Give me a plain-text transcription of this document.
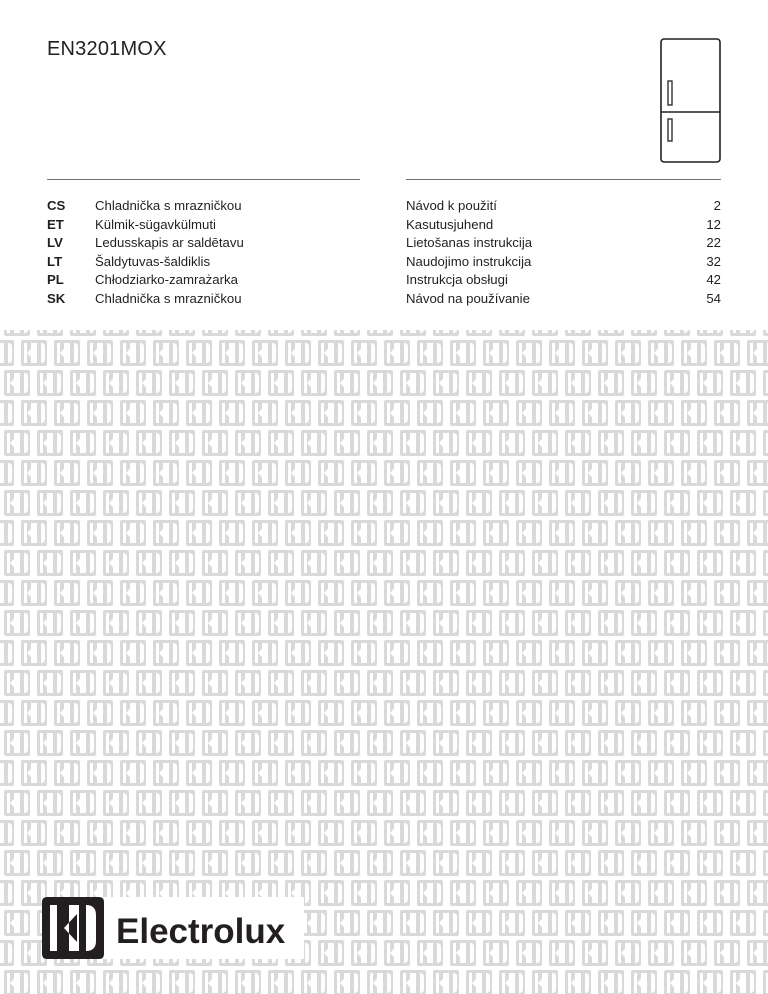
EN3201MOX
CS Chladnička s mrazničkou	Návod k použití	2
ET Külmik-sügavkülmuti	Kasutusjuhend	12
LV Ledusskapis ar saldētavu	Lietošanas instrukcija	22
LT Šaldytuvas-šaldiklis	Naudojimo instrukcija	32
PL Chłodziarko-zamrażarka	Instrukcja obsługi	42
SK Chladnička s mrazničkou	Návod na používanie	54
Electrolux
